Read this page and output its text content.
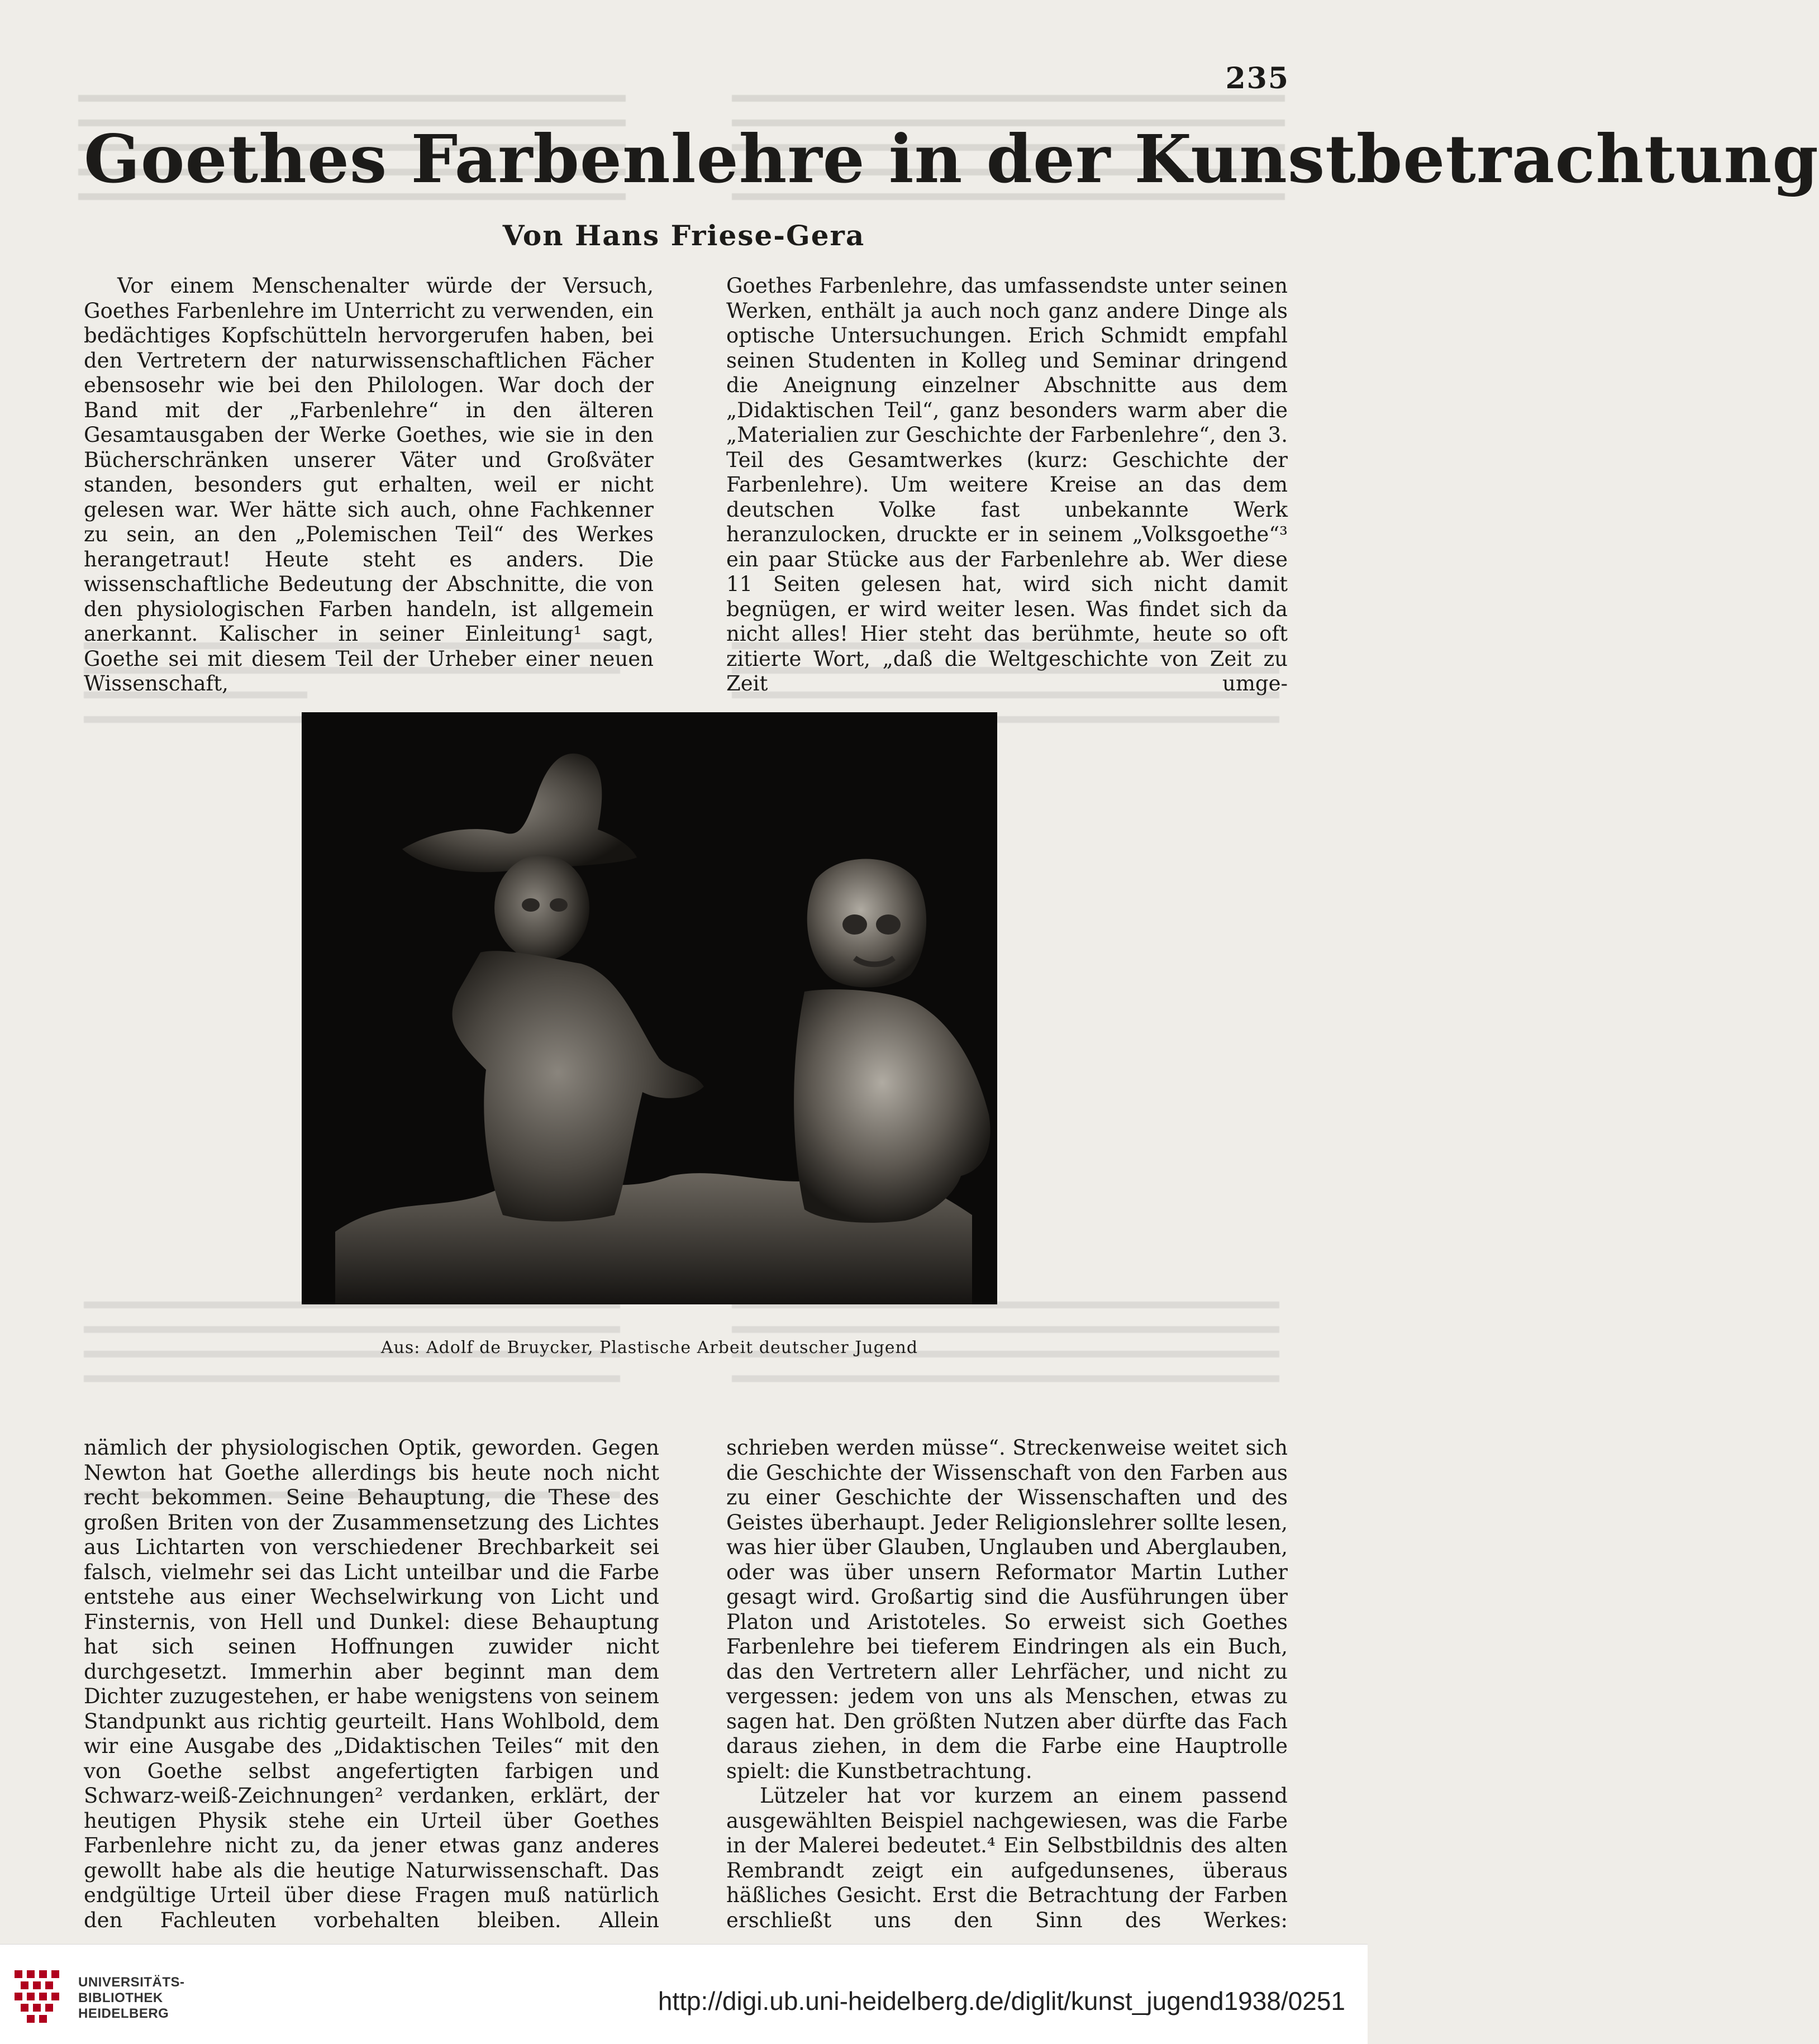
235
Goethes Farbenlehre in der Kunstbetrachtung
Von Hans Friese-Gera

Vor einem Menschenalter würde der Versuch, Goethes Farbenlehre im Unterricht zu verwenden, ein bedächtiges Kopfschütteln hervorgerufen haben, bei den Vertretern der naturwissenschaftlichen Fächer ebensosehr wie bei den Philologen. War doch der Band mit der „Farbenlehre“ in den älteren Gesamtausgaben der Werke Goethes, wie sie in den Bücherschränken unserer Väter und Großväter standen, besonders gut erhalten, weil er nicht gelesen war. Wer hätte sich auch, ohne Fachkenner zu sein, an den „Polemischen Teil“ des Werkes herangetraut! Heute steht es anders. Die wissenschaftliche Bedeutung der Abschnitte, die von den physiologischen Farben handeln, ist allgemein anerkannt. Kalischer in seiner Einleitung¹ sagt, Goethe sei mit diesem Teil der Urheber einer neuen Wissenschaft,

Goethes Farbenlehre, das umfassendste unter seinen Werken, enthält ja auch noch ganz andere Dinge als optische Untersuchungen. Erich Schmidt empfahl seinen Studenten in Kolleg und Seminar dringend die Aneignung einzelner Abschnitte aus dem „Didaktischen Teil“, ganz besonders warm aber die „Materialien zur Geschichte der Farbenlehre“, den 3. Teil des Gesamtwerkes (kurz: Geschichte der Farbenlehre). Um weitere Kreise an das dem deutschen Volke fast unbekannte Werk heranzulocken, druckte er in seinem „Volksgoethe“³ ein paar Stücke aus der Farbenlehre ab. Wer diese 11 Seiten gelesen hat, wird sich nicht damit begnügen, er wird weiter lesen. Was findet sich da nicht alles! Hier steht das berühmte, heute so oft zitierte Wort, „daß die Weltgeschichte von Zeit zu Zeit umge-

Aus: Adolf de Bruycker, Plastische Arbeit deutscher Jugend

nämlich der physiologischen Optik, geworden. Gegen Newton hat Goethe allerdings bis heute noch nicht recht bekommen. Seine Behauptung, die These des großen Briten von der Zusammensetzung des Lichtes aus Lichtarten von verschiedener Brechbarkeit sei falsch, vielmehr sei das Licht unteilbar und die Farbe entstehe aus einer Wechselwirkung von Licht und Finsternis, von Hell und Dunkel: diese Behauptung hat sich seinen Hoffnungen zuwider nicht durchgesetzt. Immerhin aber beginnt man dem Dichter zuzugestehen, er habe wenigstens von seinem Standpunkt aus richtig geurteilt. Hans Wohlbold, dem wir eine Ausgabe des „Didaktischen Teiles“ mit den von Goethe selbst angefertigten farbigen und Schwarz-weiß-Zeichnungen² verdanken, erklärt, der heutigen Physik stehe ein Urteil über Goethes Farbenlehre nicht zu, da jener etwas ganz anderes gewollt habe als die heutige Naturwissenschaft. Das endgültige Urteil über diese Fragen muß natürlich den Fachleuten vorbehalten bleiben. Allein

schrieben werden müsse“. Streckenweise weitet sich die Geschichte der Wissenschaft von den Farben aus zu einer Geschichte der Wissenschaften und des Geistes überhaupt. Jeder Religionslehrer sollte lesen, was hier über Glauben, Unglauben und Aberglauben, oder was über unsern Reformator Martin Luther gesagt wird. Großartig sind die Ausführungen über Platon und Aristoteles. So erweist sich Goethes Farbenlehre bei tieferem Eindringen als ein Buch, das den Vertretern aller Lehrfächer, und nicht zu vergessen: jedem von uns als Menschen, etwas zu sagen hat. Den größten Nutzen aber dürfte das Fach daraus ziehen, in dem die Farbe eine Hauptrolle spielt: die Kunstbetrachtung.

Lützeler hat vor kurzem an einem passend ausgewählten Beispiel nachgewiesen, was die Farbe in der Malerei bedeutet.⁴ Ein Selbstbildnis des alten Rembrandt zeigt ein aufgedunsenes, überaus häßliches Gesicht. Erst die Betrachtung der Farben erschließt uns den Sinn des Werkes:

UNIVERSITÄTS-
BIBLIOTHEK
HEIDELBERG	http://digi.ub.uni-heidelberg.de/diglit/kunst_jugend1938/0251
